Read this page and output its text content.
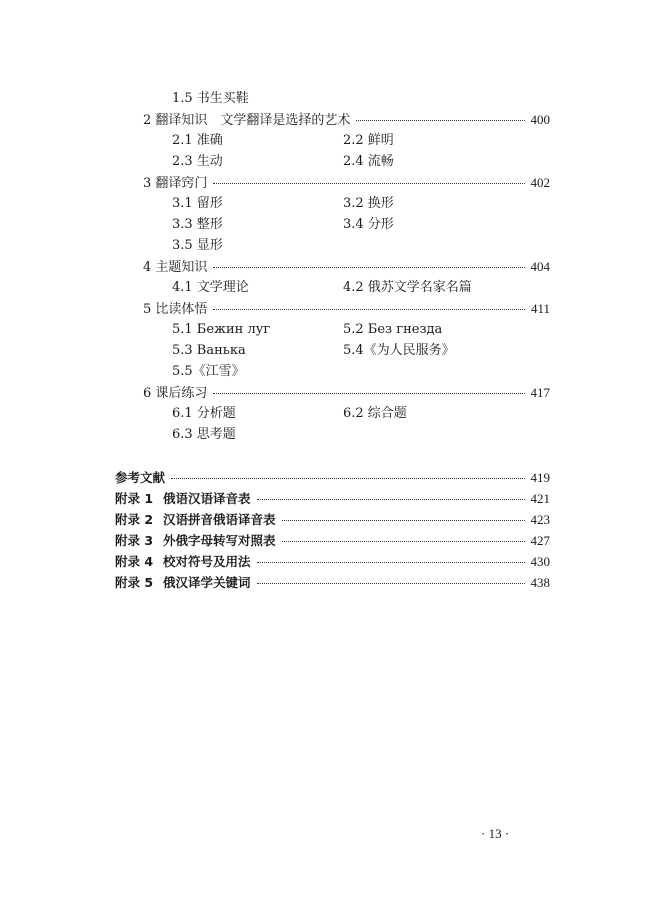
1.5 书生买鞋
2 翻译知识　文学翻译是选择的艺术	400
2.1 准确	2.2 鲜明
2.3 生动	2.4 流畅
3 翻译窍门	402
3.1 留形	3.2 换形
3.3 整形	3.4 分形
3.5 显形
4 主题知识	404
4.1 文学理论	4.2 俄苏文学名家名篇
5 比读体悟	411
5.1 Бежин луг	5.2 Без гнезда
5.3 Ванька	5.4《为人民服务》
5.5《江雪》
6 课后练习	417
6.1 分析题	6.2 综合题
6.3 思考题
参考文献	419
附录 1 俄语汉语译音表	421
附录 2 汉语拼音俄语译音表	423
附录 3 外俄字母转写对照表	427
附录 4 校对符号及用法	430
附录 5 俄汉译学关键词	438
· 13 ·
